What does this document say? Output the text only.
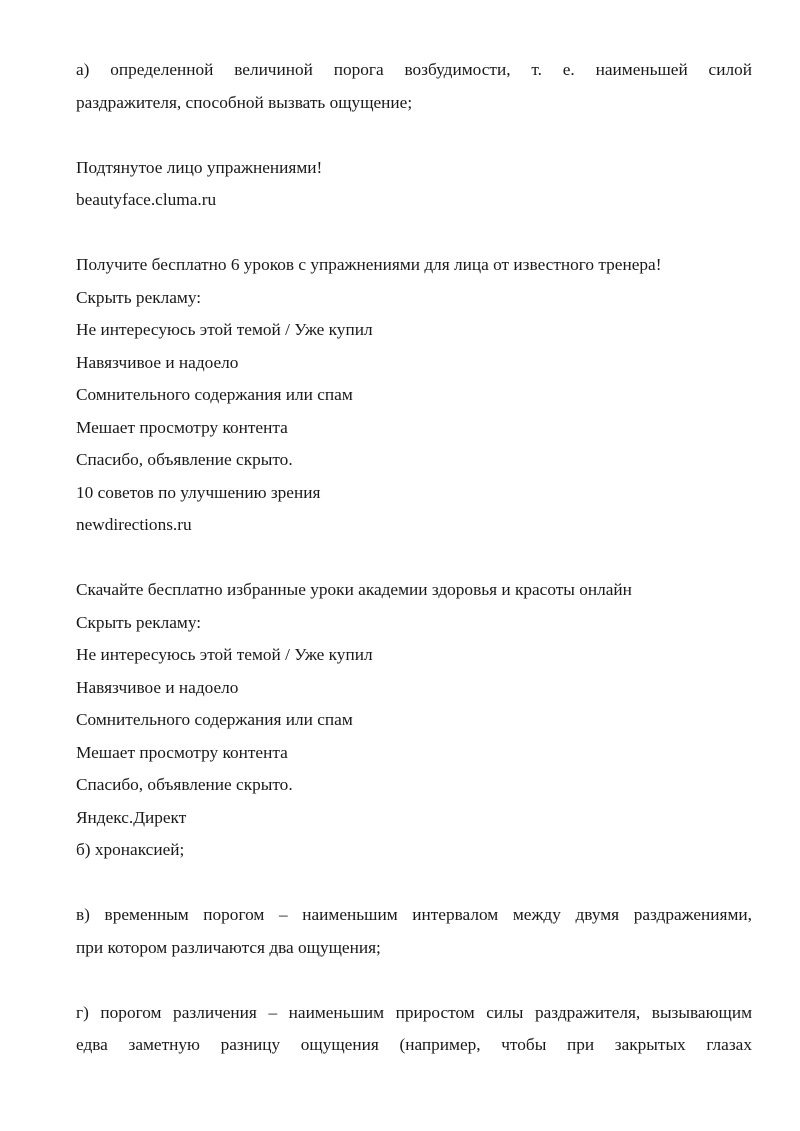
а) определенной величиной порога возбудимости, т. е. наименьшей силой
раздражителя, способной вызвать ощущение;
Подтянутое лицо упражнениями!
beautyface.cluma.ru
Получите бесплатно 6 уроков с упражнениями для лица от известного тренера!
Скрыть рекламу:
Не интересуюсь этой темой / Уже купил
Навязчивое и надоело
Сомнительного содержания или спам
Мешает просмотру контента
Спасибо, объявление скрыто.
10 советов по улучшению зрения
newdirections.ru
Скачайте бесплатно избранные уроки академии здоровья и красоты онлайн
Скрыть рекламу:
Не интересуюсь этой темой / Уже купил
Навязчивое и надоело
Сомнительного содержания или спам
Мешает просмотру контента
Спасибо, объявление скрыто.
Яндекс.Директ
б) хронаксией;
в) временным порогом – наименьшим интервалом между двумя раздражениями,
при котором различаются два ощущения;
г) порогом различения – наименьшим приростом силы раздражителя, вызывающим
едва заметную разницу ощущения (например, чтобы при закрытых глазах
